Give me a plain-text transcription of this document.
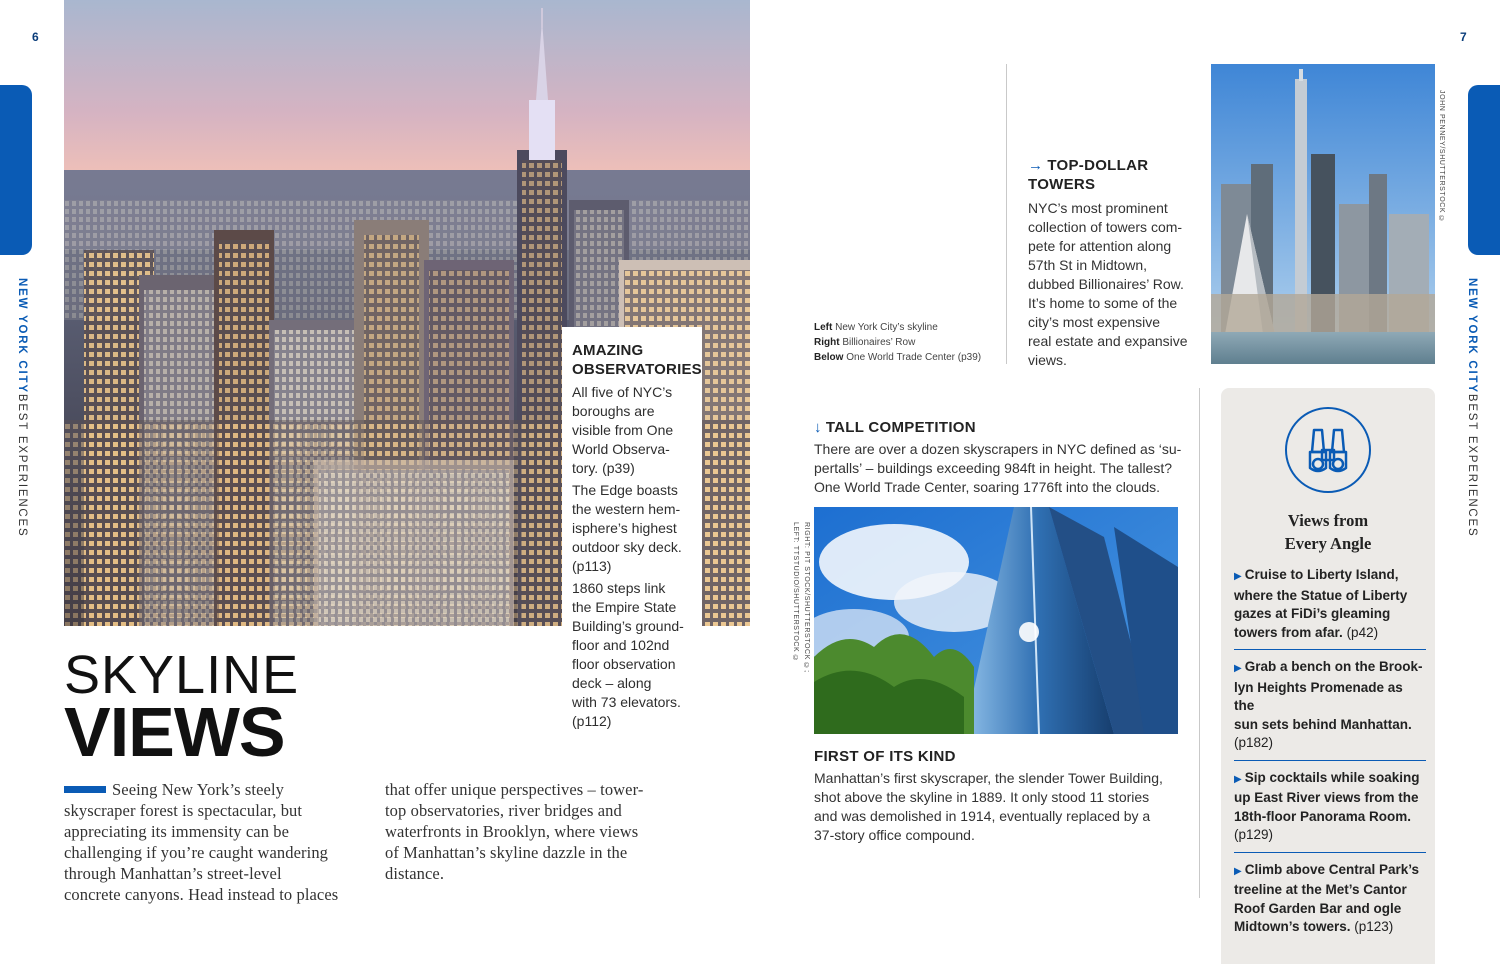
6
NEW YORK CITYBEST EXPERIENCES
AMAZING
OBSERVATORIES
All five of NYC’s
boroughs are
visible from One
World Observa-
tory. (p39)
The Edge boasts
the western hem-
isphere’s highest
outdoor sky deck.
(p113)
1860 steps link
the Empire State
Building’s ground-
floor and 102nd
floor observation
deck – along
with 73 elevators.
(p112)
SKYLINE
VIEWS
Seeing New York’s steely
skyscraper forest is spectacular, but
appreciating its immensity can be
challenging if you’re caught wandering
through Manhattan’s street-level
concrete canyons. Head instead to places
that offer unique perspectives – tower-
top observatories, river bridges and
waterfronts in Brooklyn, where views
of Manhattan’s skyline dazzle in the
distance.
7
NEW YORK CITYBEST EXPERIENCES
Left New York City’s skyline
Right Billionaires’ Row
Below One World Trade Center (p39)
→ TOP-DOLLAR
TOWERS
NYC’s most prominent
collection of towers com-
pete for attention along
57th St in Midtown,
dubbed Billionaires’ Row.
It’s home to some of the
city’s most expensive
real estate and expansive
views.
JOHN PENNEY/SHUTTERSTOCK ©
↓ TALL COMPETITION
There are over a dozen skyscrapers in NYC defined as ‘su-
pertalls’ – buildings exceeding 984ft in height. The tallest?
One World Trade Center, soaring 1776ft into the clouds.
RIGHT: PIT STOCK/SHUTTERSTOCK ©;
LEFT: TTSTUDIO/SHUTTERSTOCK ©
FIRST OF ITS KIND
Manhattan’s first skyscraper, the slender Tower Building,
shot above the skyline in 1889. It only stood 11 stories
and was demolished in 1914, eventually replaced by a
37-story office compound.
Views from
Every Angle
▶ Cruise to Liberty Island,
where the Statue of Liberty
gazes at FiDi’s gleaming
towers from afar. (p42)
▶ Grab a bench on the Brook-
lyn Heights Promenade as the
sun sets behind Manhattan.
(p182)
▶ Sip cocktails while soaking
up East River views from the
18th-floor Panorama Room.
(p129)
▶ Climb above Central Park’s
treeline at the Met’s Cantor
Roof Garden Bar and ogle
Midtown’s towers. (p123)
